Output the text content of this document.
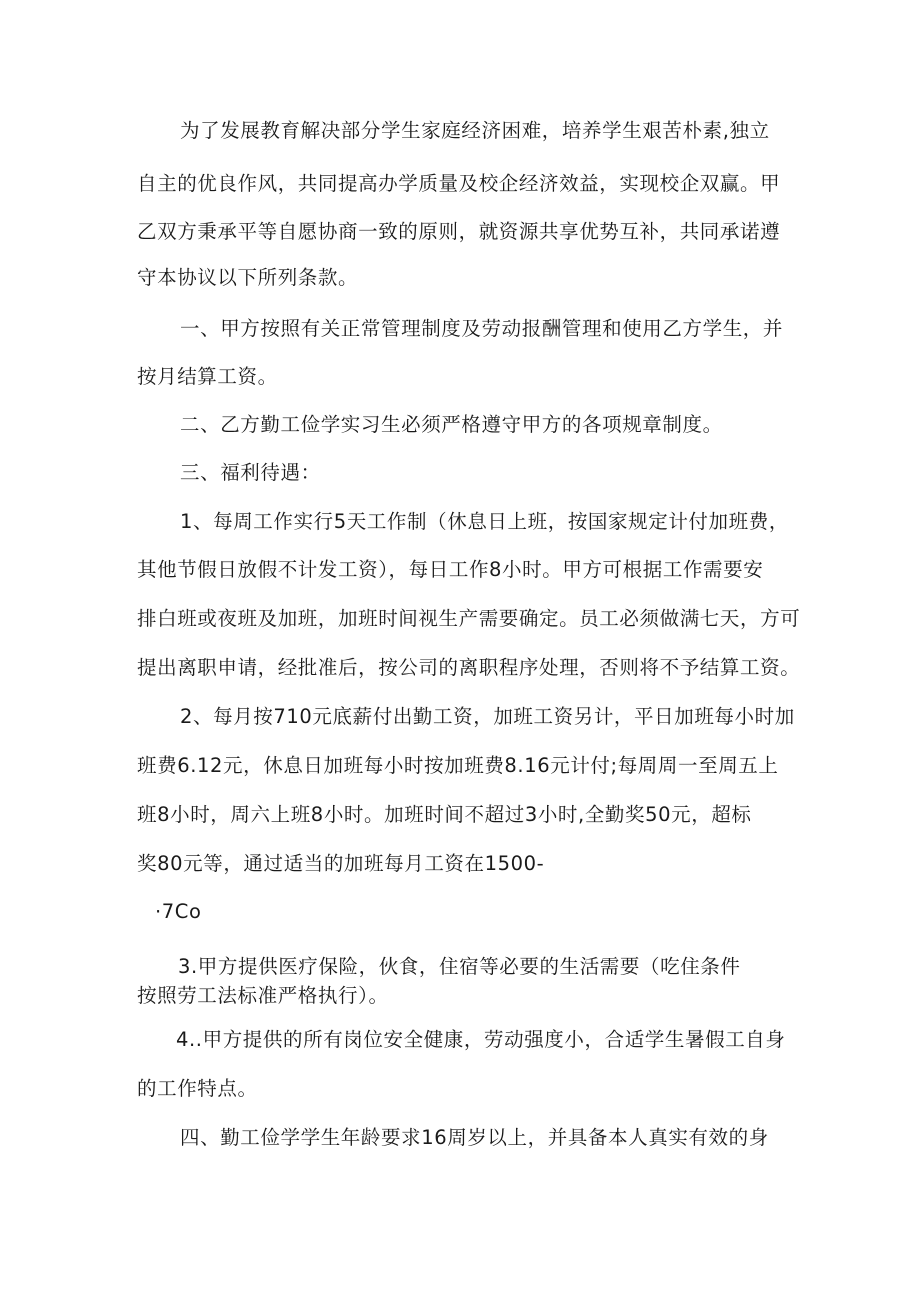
为了发展教育解决部分学生家庭经济困难，培养学生艰苦朴素,独立
自主的优良作风，共同提高办学质量及校企经济效益，实现校企双赢。甲
乙双方秉承平等自愿协商一致的原则，就资源共享优势互补，共同承诺遵
守本协议以下所列条款。
一、甲方按照有关正常管理制度及劳动报酬管理和使用乙方学生，并
按月结算工资。
二、乙方勤工俭学实习生必须严格遵守甲方的各项规章制度。
三、福利待遇：
1、每周工作实行5天工作制（休息日上班，按国家规定计付加班费，
其他节假日放假不计发工资），每日工作8小时。甲方可根据工作需要安
排白班或夜班及加班，加班时间视生产需要确定。员工必须做满七天，方可
提出离职申请，经批准后，按公司的离职程序处理，否则将不予结算工资。
2、每月按710元底薪付出勤工资，加班工资另计，平日加班每小时加
班费6.12元，休息日加班每小时按加班费8.16元计付;每周周一至周五上
班8小时，周六上班8小时。加班时间不超过3小时,全勤奖50元，超标
奖80元等，通过适当的加班每月工资在1500-
·7Co
3.甲方提供医疗保险，伙食，住宿等必要的生活需要（吃住条件
按照劳工法标准严格执行）。
4..甲方提供的所有岗位安全健康，劳动强度小，合适学生暑假工自身
的工作特点。
四、勤工俭学学生年龄要求16周岁以上，并具备本人真实有效的身
